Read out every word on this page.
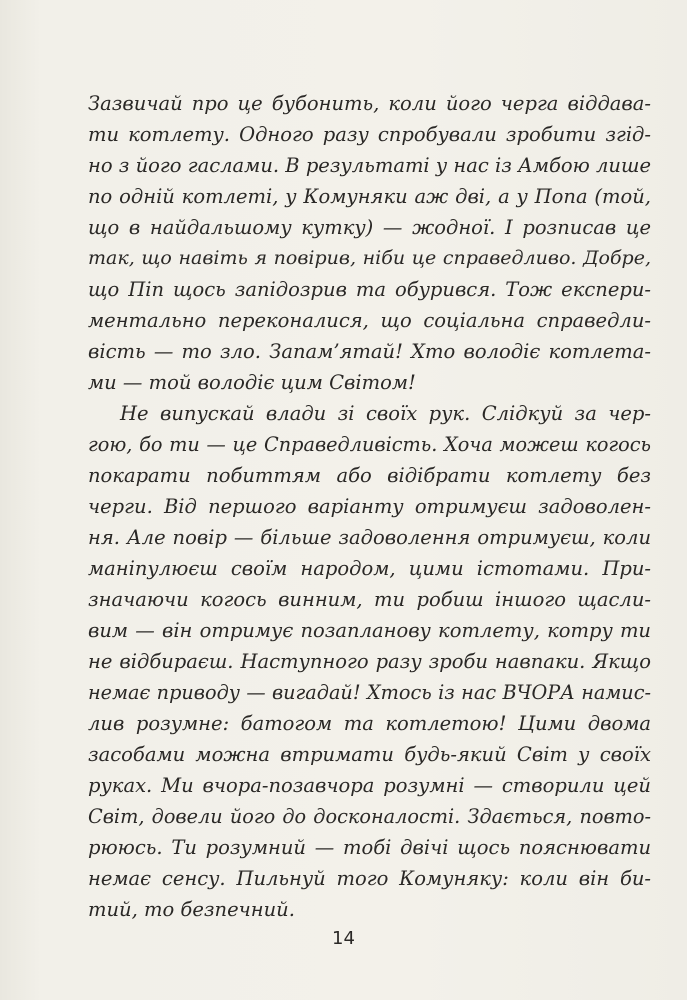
Зазвичай про це бубонить, коли його черга віддава-
ти котлету. Одного разу спробували зробити згід-
но з його гаслами. В результаті у нас із Амбою лише
по одній котлеті, у Комуняки аж дві, а у Попа (той,
що в найдальшому кутку) — жодної. І розписав це
так, що навіть я повірив, ніби це справедливо. Добре,
що Піп щось запідозрив та обурився. Тож експери-
ментально переконалися, що соціальна справедли-
вість — то зло. Запам’ятай! Хто володіє котлета-
ми — той володіє цим Світом!
Не випускай влади зі своїх рук. Слідкуй за чер-
гою, бо ти — це Справедливість. Хоча можеш когось
покарати побиттям або відібрати котлету без
черги. Від першого варіанту отримуєш задоволен-
ня. Але повір — більше задоволення отримуєш, коли
маніпулюєш своїм народом, цими істотами. При-
значаючи когось винним, ти робиш іншого щасли-
вим — він отримує позапланову котлету, котру ти
не відбираєш. Наступного разу зроби навпаки. Якщо
немає приводу — вигадай! Хтось із нас ВЧОРА намис-
лив розумне: батогом та котлетою! Цими двома
засобами можна втримати будь-який Світ у своїх
руках. Ми вчора-позавчора розумні — створили цей
Світ, довели його до досконалості. Здається, повто-
рююсь. Ти розумний — тобі двічі щось пояснювати
немає сенсу. Пильнуй того Комуняку: коли він би-
тий, то безпечний.
14
